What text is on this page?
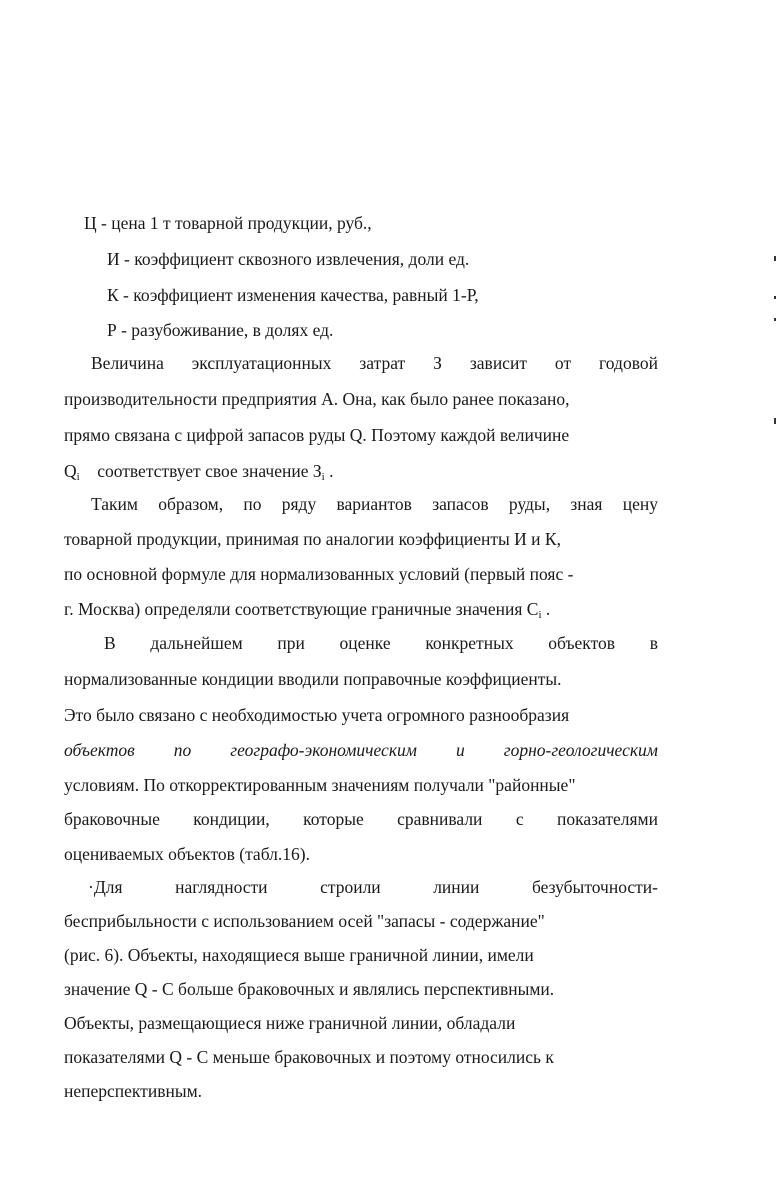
Ц - цена 1 т товарной продукции, руб.,
И - коэффициент сквозного извлечения, доли ед.
К - коэффициент изменения качества, равный 1-Р,
Р - разубоживание, в долях ед.
Величина эксплуатационных затрат З зависит от годовой
производительности предприятия А. Она, как было ранее показано,
прямо связана с цифрой запасов руды Q. Поэтому каждой величине
$Q_i$ соответствует свое значение $З_i$ .
Таким образом, по ряду вариантов запасов руды, зная цену
товарной продукции, принимая по аналогии коэффициенты И и К,
по основной формуле для нормализованных условий (первый пояс -
г. Москва) определяли соответствующие граничные значения $C_i$ .
В дальнейшем при оценке конкретных объектов в
нормализованные кондиции вводили поправочные коэффициенты.
Это было связано с необходимостью учета огромного разнообразия
объектов по географо-экономическим и горно-геологическим
условиям. По откорректированным значениям получали "районные"
браковочные кондиции, которые сравнивали с показателями
оцениваемых объектов (табл.16).
·Для	наглядности	строили	линии	безубыточности-
бесприбыльности с использованием осей "запасы - содержание"
(рис. 6). Объекты, находящиеся выше граничной линии, имели
значение Q - С больше браковочных и являлись перспективными.
Объекты, размещающиеся ниже граничной линии, обладали
показателями Q - С меньше браковочных и поэтому относились к
неперспективным.
